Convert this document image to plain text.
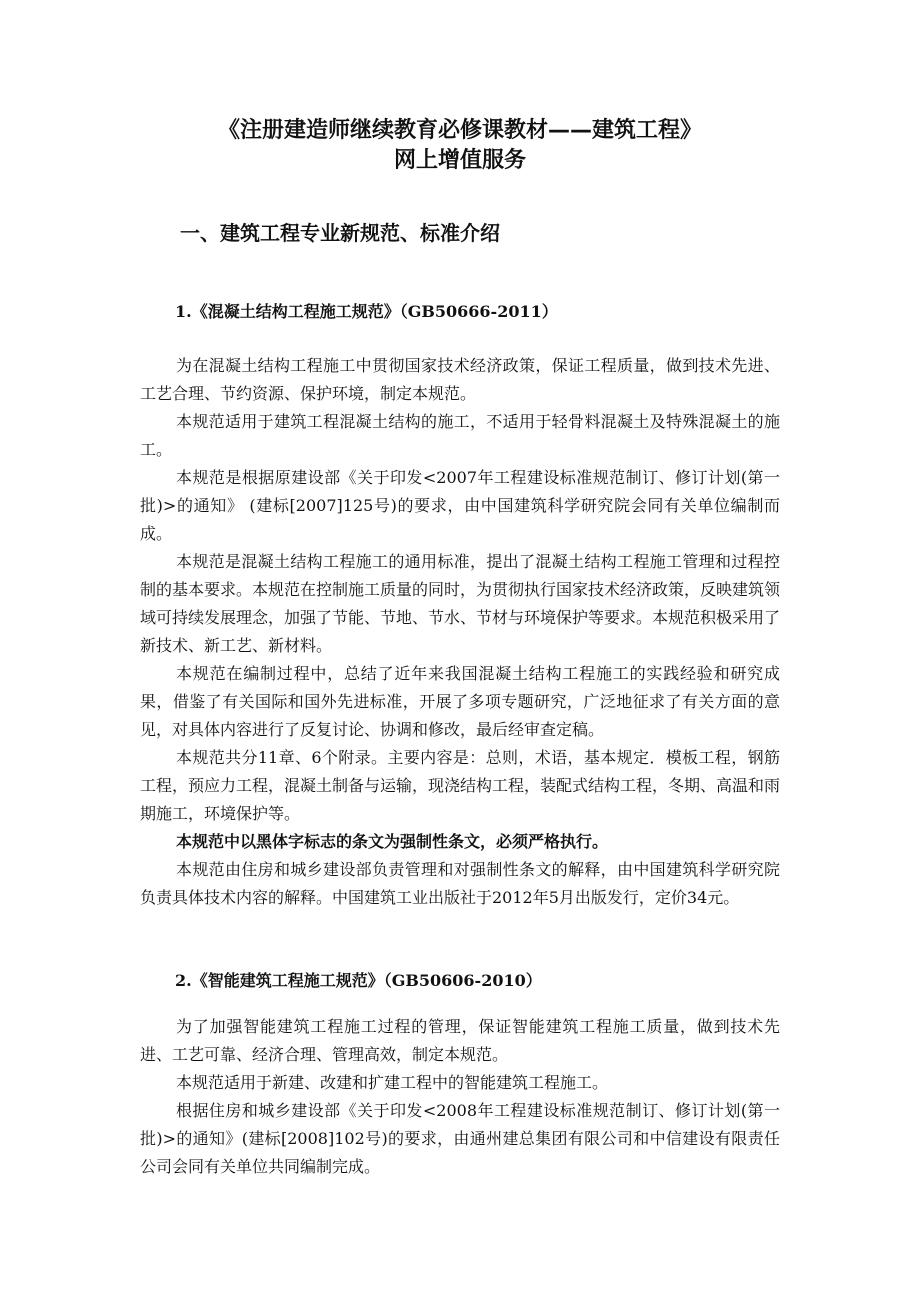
《注册建造师继续教育必修课教材——建筑工程》
网上增值服务
一、建筑工程专业新规范、标准介绍
1.《混凝土结构工程施工规范》（GB50666-2011）

为在混凝土结构工程施工中贯彻国家技术经济政策，保证工程质量，做到技术先进、工艺合理、节约资源、保护环境，制定本规范。

本规范适用于建筑工程混凝土结构的施工，不适用于轻骨料混凝土及特殊混凝土的施工。

本规范是根据原建设部《关于印发<2007年工程建设标准规范制订、修订计划(第一批)>的通知》 (建标[2007]125号)的要求，由中国建筑科学研究院会同有关单位编制而成。

本规范是混凝土结构工程施工的通用标准，提出了混凝土结构工程施工管理和过程控制的基本要求。本规范在控制施工质量的同时，为贯彻执行国家技术经济政策，反映建筑领域可持续发展理念，加强了节能、节地、节水、节材与环境保护等要求。本规范积极采用了新技术、新工艺、新材料。

本规范在编制过程中，总结了近年来我国混凝土结构工程施工的实践经验和研究成果，借鉴了有关国际和国外先进标准，开展了多项专题研究，广泛地征求了有关方面的意见，对具体内容进行了反复讨论、协调和修改，最后经审查定稿。

本规范共分11章、6个附录。主要内容是：总则，术语，基本规定．模板工程，钢筋工程，预应力工程，混凝土制备与运输，现浇结构工程，装配式结构工程，冬期、高温和雨期施工，环境保护等。

本规范中以黑体字标志的条文为强制性条文，必须严格执行。

本规范由住房和城乡建设部负责管理和对强制性条文的解释，由中国建筑科学研究院负责具体技术内容的解释。中国建筑工业出版社于2012年5月出版发行，定价34元。

2.《智能建筑工程施工规范》（GB50606-2010）

为了加强智能建筑工程施工过程的管理，保证智能建筑工程施工质量，做到技术先进、工艺可靠、经济合理、管理高效，制定本规范。

本规范适用于新建、改建和扩建工程中的智能建筑工程施工。

根据住房和城乡建设部《关于印发<2008年工程建设标准规范制订、修订计划(第一批)>的通知》(建标[2008]102号)的要求，由通州建总集团有限公司和中信建设有限责任公司会同有关单位共同编制完成。
